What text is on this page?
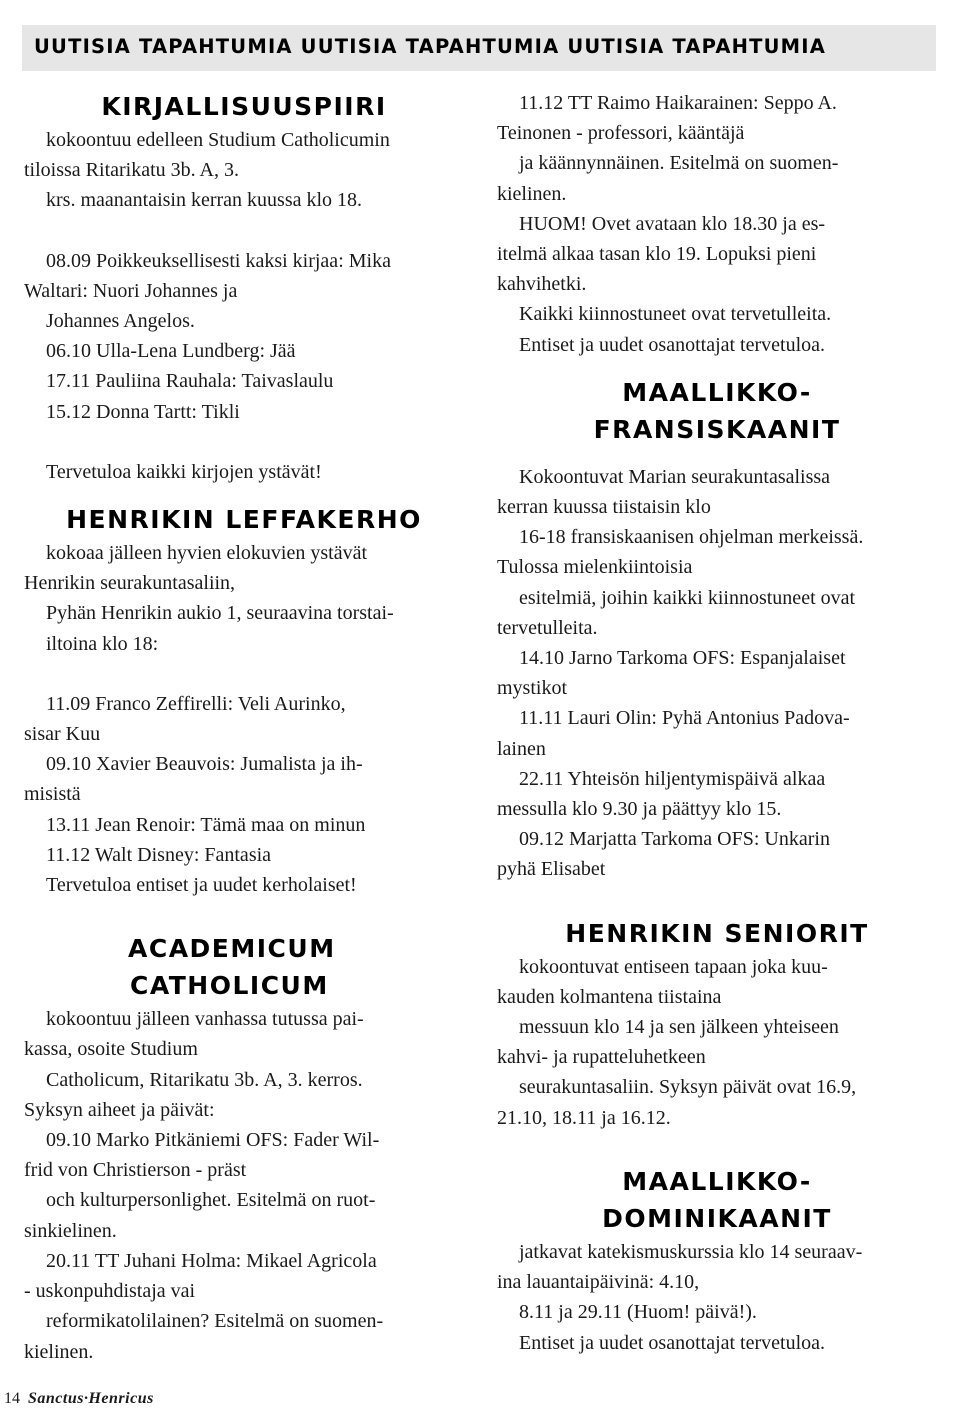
UUTISIA TAPAHTUMIA UUTISIA TAPAHTUMIA UUTISIA TAPAHTUMIA
KIRJALLISUUSPIIRI

kokoontuu edelleen Studium Catholicumin

tiloissa Ritarikatu 3b. A, 3.

krs. maanantaisin kerran kuussa klo 18.

08.09 Poikkeuksellisesti kaksi kirjaa: Mika

Waltari: Nuori Johannes ja

Johannes Angelos.

06.10 Ulla-Lena Lundberg: Jää

17.11 Pauliina Rauhala: Taivaslaulu

15.12 Donna Tartt: Tikli

Tervetuloa kaikki kirjojen ystävät!

HENRIKIN LEFFAKERHO

kokoaa jälleen hyvien elokuvien ystävät

Henrikin seurakuntasaliin,

Pyhän Henrikin aukio 1, seuraavina torstai-

iltoina klo 18:

11.09 Franco Zeffirelli: Veli Aurinko,

sisar Kuu

09.10 Xavier Beauvois: Jumalista ja ih-

misistä

13.11 Jean Renoir: Tämä maa on minun

11.12 Walt Disney: Fantasia

Tervetuloa entiset ja uudet kerholaiset!

ACADEMICUM
CATHOLICUM

kokoontuu jälleen vanhassa tutussa pai-

kassa, osoite Studium

Catholicum, Ritarikatu 3b. A, 3. kerros.

Syksyn aiheet ja päivät:

09.10 Marko Pitkäniemi OFS: Fader Wil-

frid von Christierson - präst

och kulturpersonlighet. Esitelmä on ruot-

sinkielinen.

20.11 TT Juhani Holma: Mikael Agricola

- uskonpuhdistaja vai

reformikatolilainen? Esitelmä on suomen-

kielinen.

11.12 TT Raimo Haikarainen: Seppo A.

Teinonen - professori, kääntäjä

ja käännynnäinen. Esitelmä on suomen-

kielinen.

HUOM! Ovet avataan klo 18.30 ja es-

itelmä alkaa tasan klo 19. Lopuksi pieni

kahvihetki.

Kaikki kiinnostuneet ovat tervetulleita.

Entiset ja uudet osanottajat tervetuloa.

MAALLIKKO-
FRANSISKAANIT

Kokoontuvat Marian seurakuntasalissa

kerran kuussa tiistaisin klo

16-18 fransiskaanisen ohjelman merkeissä.

Tulossa mielenkiintoisia

esitelmiä, joihin kaikki kiinnostuneet ovat

tervetulleita.

14.10 Jarno Tarkoma OFS: Espanjalaiset

mystikot

11.11 Lauri Olin: Pyhä Antonius Padova-

lainen

22.11 Yhteisön hiljentymispäivä alkaa

messulla klo 9.30 ja päättyy klo 15.

09.12 Marjatta Tarkoma OFS: Unkarin

pyhä Elisabet

HENRIKIN SENIORIT

kokoontuvat entiseen tapaan joka kuu-

kauden kolmantena tiistaina

messuun klo 14 ja sen jälkeen yhteiseen

kahvi- ja rupatteluhetkeen

seurakuntasaliin. Syksyn päivät ovat 16.9,

21.10, 18.11 ja 16.12.

MAALLIKKO-
DOMINIKAANIT

jatkavat katekismuskurssia klo 14 seuraav-

ina lauantaipäivinä: 4.10,

8.11 ja 29.11 (Huom! päivä!).

Entiset ja uudet osanottajat tervetuloa.

14 Sanctus·Henricus
